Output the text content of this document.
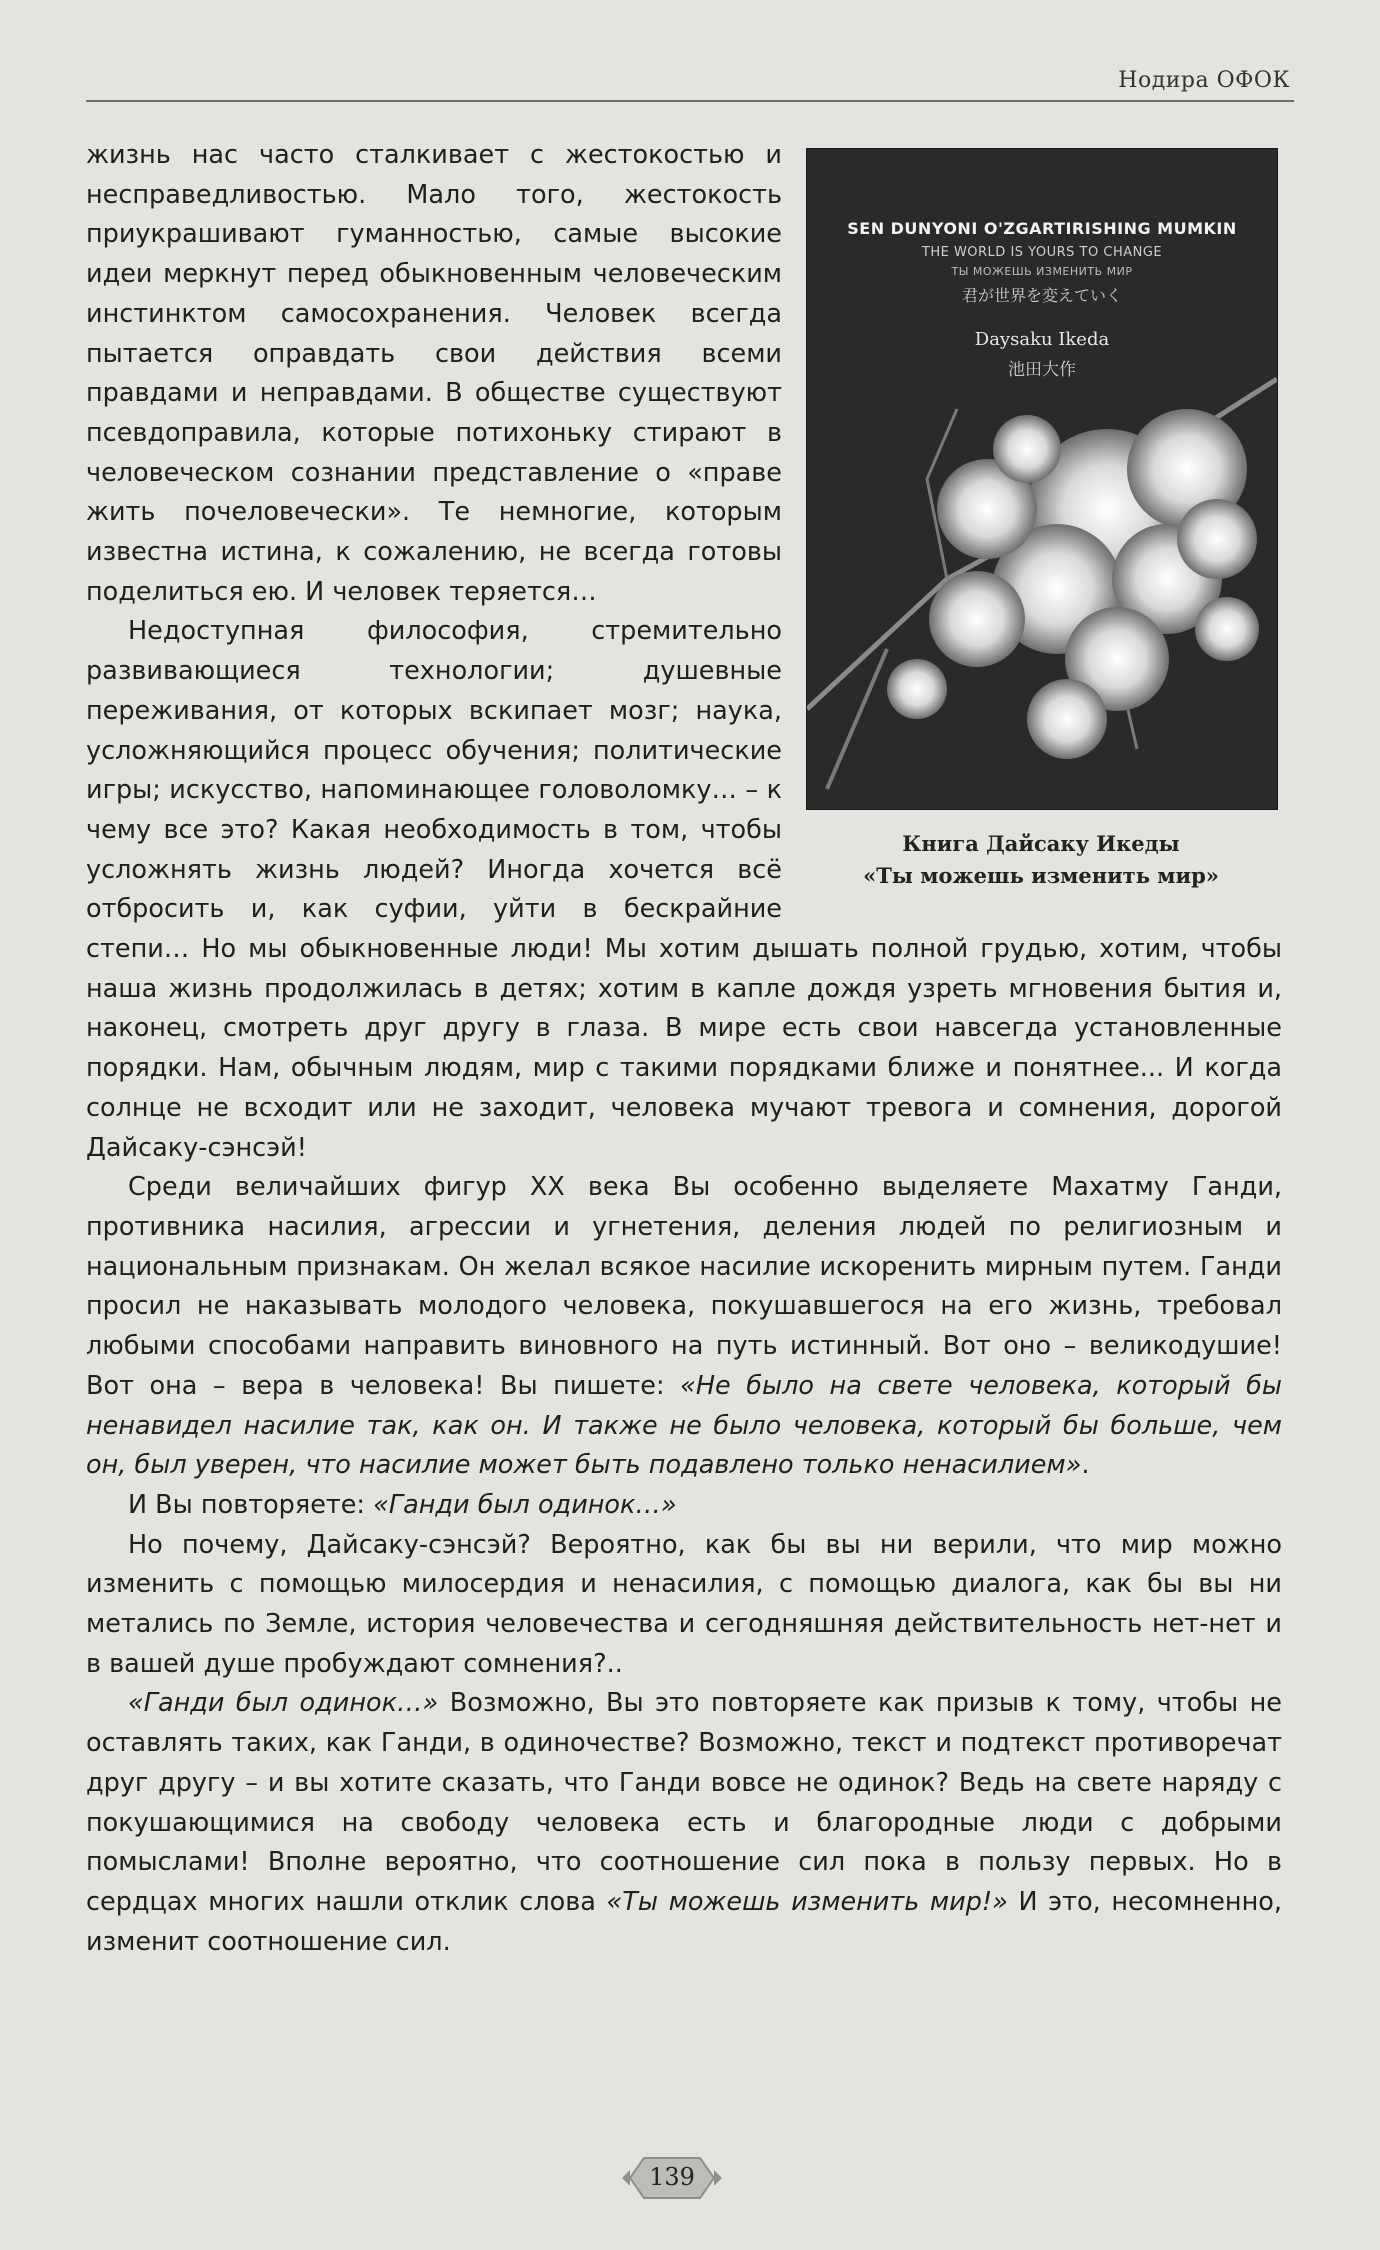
Нодира ОФОК
SEN DUNYONI O'ZGARTIRISHING MUMKIN
THE WORLD IS YOURS TO CHANGE
ТЫ МОЖЕШЬ ИЗМЕНИТЬ МИР
君が世界を変えていく
Daysaku Ikeda
池田大作
Книга Дайсаку Икеды
«Ты можешь изменить мир»

жизнь нас часто сталкивает с жестокостью и несправедливостью. Мало того, жестокость приукрашивают гуманностью, самые высокие идеи меркнут перед обыкновенным человеческим инстинктом самосохранения. Человек всегда пытается оправдать свои действия всеми правдами и неправдами. В обществе существуют псевдоправила, которые потихоньку стирают в человеческом сознании представление о «праве жить почеловечески». Те немногие, которым известна истина, к сожалению, не всегда готовы поделиться ею. И человек теряется…

Недоступная философия, стремительно развивающиеся технологии; душевные переживания, от которых вскипает мозг; наука, усложняющийся процесс обучения; политические игры; искусство, напоминающее головоломку… – к чему все это? Какая необходимость в том, чтобы усложнять жизнь людей? Иногда хочется всё отбросить и, как суфии, уйти в бескрайние степи… Но мы обыкновенные люди! Мы хотим дышать полной грудью, хотим, чтобы наша жизнь продолжилась в детях; хотим в капле дождя узреть мгновения бытия и, наконец, смотреть друг другу в глаза. В мире есть свои навсегда установленные порядки. Нам, обычным людям, мир с такими порядками ближе и понятнее... И когда солнце не всходит или не заходит, человека мучают тревога и сомнения, дорогой Дайсаку-сэнсэй!

Среди величайших фигур XX века Вы особенно выделяете Махатму Ганди, противника насилия, агрессии и угнетения, деления людей по религиозным и национальным признакам. Он желал всякое насилие искоренить мирным путем. Ганди просил не наказывать молодого человека, покушавшегося на его жизнь, требовал любыми способами направить виновного на путь истинный. Вот оно – великодушие! Вот она – вера в человека! Вы пишете: «Не было на свете человека, который бы ненавидел насилие так, как он. И также не было человека, который бы больше, чем он, был уверен, что насилие может быть подавлено только ненасилием».

И Вы повторяете: «Ганди был одинок…»

Но почему, Дайсаку-сэнсэй? Вероятно, как бы вы ни верили, что мир можно изменить с помощью милосердия и ненасилия, с помощью диалога, как бы вы ни метались по Земле, история человечества и сегодняшняя действительность нет-нет и в вашей душе пробуждают сомнения?..

«Ганди был одинок…» Возможно, Вы это повторяете как призыв к тому, чтобы не оставлять таких, как Ганди, в одиночестве? Возможно, текст и подтекст противоречат друг другу – и вы хотите сказать, что Ганди вовсе не одинок? Ведь на свете наряду с покушающимися на свободу человека есть и благородные люди с добрыми помыслами! Вполне вероятно, что соотношение сил пока в пользу первых. Но в сердцах многих нашли отклик слова «Ты можешь изменить мир!» И это, несомненно, изменит соотношение сил.

139
